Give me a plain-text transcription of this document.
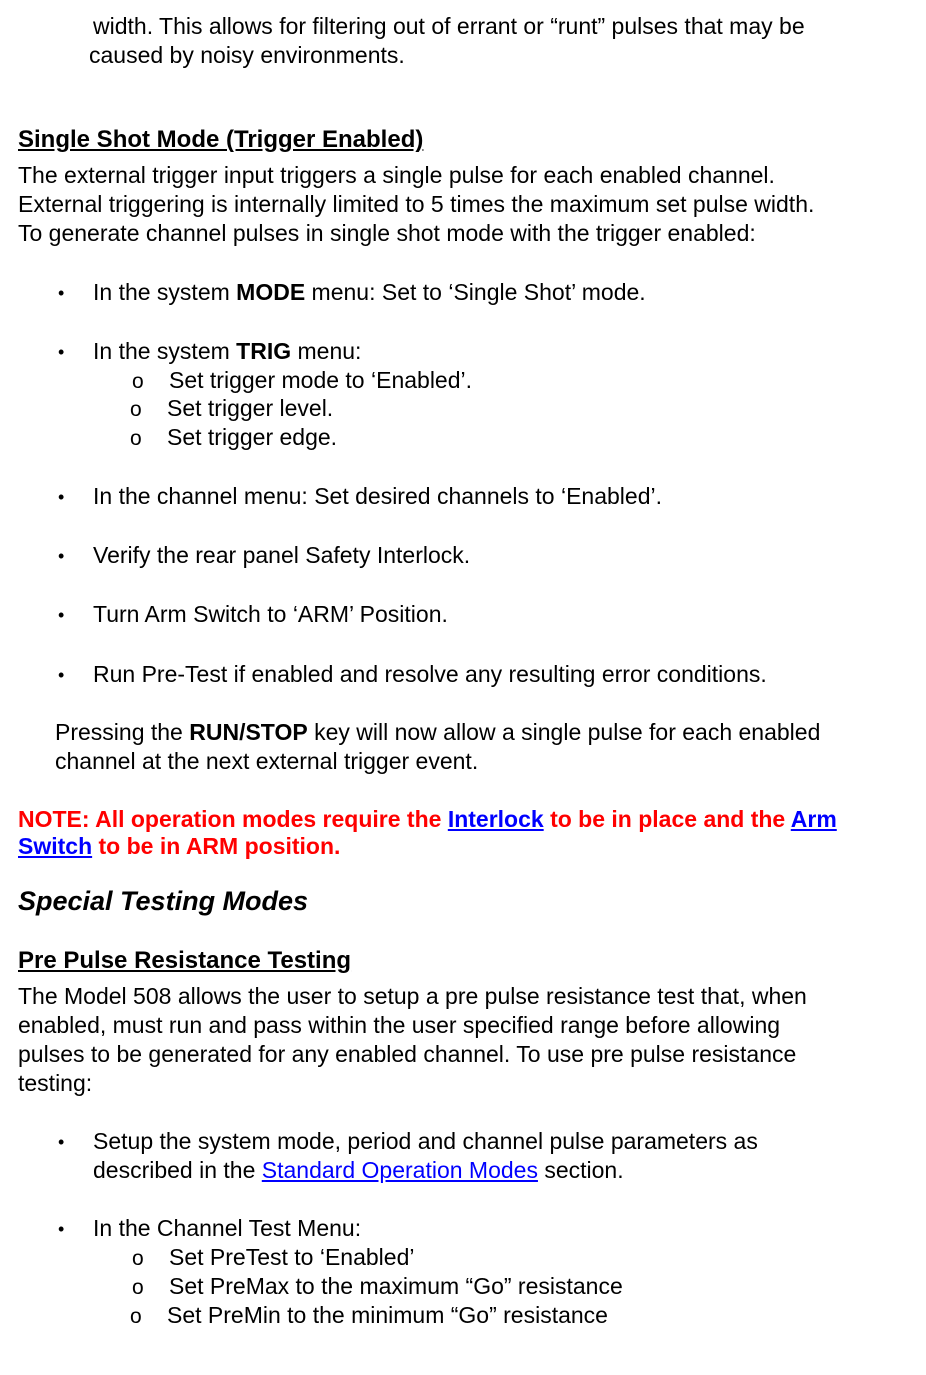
width. This allows for filtering out of errant or “runt” pulses that may be
caused by noisy environments.
Single Shot Mode (Trigger Enabled)
The external trigger input triggers a single pulse for each enabled channel.
External triggering is internally limited to 5 times the maximum set pulse width.
To generate channel pulses in single shot mode with the trigger enabled:
• In the system MODE menu: Set to ‘Single Shot’ mode.
• In the system TRIG menu:
o Set trigger mode to ‘Enabled’.
o Set trigger level.
o Set trigger edge.
• In the channel menu: Set desired channels to ‘Enabled’.
• Verify the rear panel Safety Interlock.
• Turn Arm Switch to ‘ARM’ Position.
• Run Pre-Test if enabled and resolve any resulting error conditions.
Pressing the RUN/STOP key will now allow a single pulse for each enabled
channel at the next external trigger event.
NOTE: All operation modes require the Interlock to be in place and the Arm
Switch to be in ARM position.
Special Testing Modes
Pre Pulse Resistance Testing
The Model 508 allows the user to setup a pre pulse resistance test that, when
enabled, must run and pass within the user specified range before allowing
pulses to be generated for any enabled channel. To use pre pulse resistance
testing:
• Setup the system mode, period and channel pulse parameters as
described in the Standard Operation Modes section.
• In the Channel Test Menu:
o Set PreTest to ‘Enabled’
o Set PreMax to the maximum “Go” resistance
o Set PreMin to the minimum “Go” resistance
